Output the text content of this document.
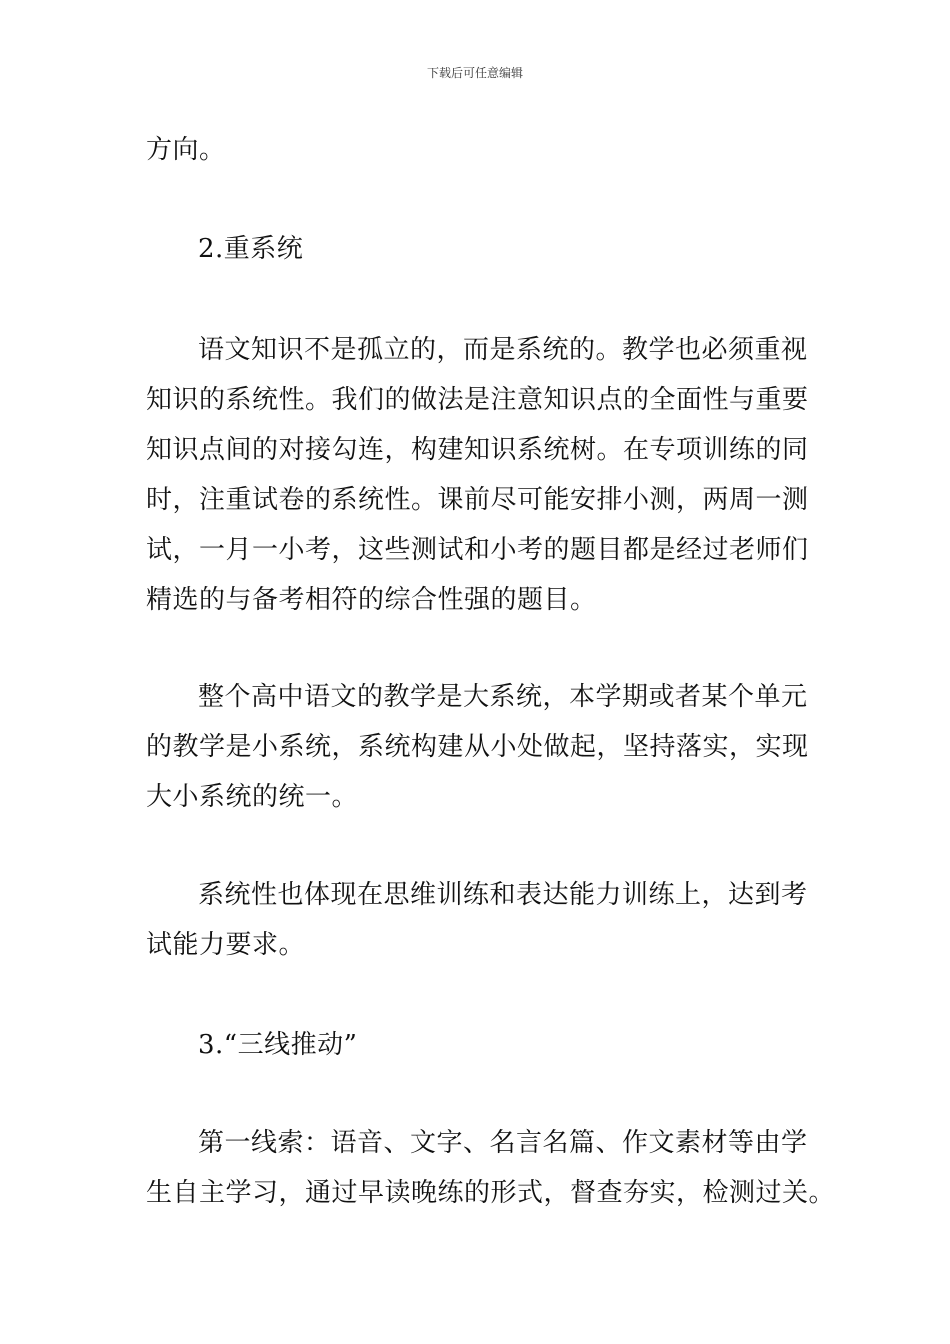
下载后可任意编辑
方向。
2.重系统
语文知识不是孤立的，而是系统的。教学也必须重视
知识的系统性。我们的做法是注意知识点的全面性与重要
知识点间的对接勾连，构建知识系统树。在专项训练的同
时，注重试卷的系统性。课前尽可能安排小测，两周一测
试，一月一小考，这些测试和小考的题目都是经过老师们
精选的与备考相符的综合性强的题目。
整个高中语文的教学是大系统，本学期或者某个单元
的教学是小系统，系统构建从小处做起，坚持落实，实现
大小系统的统一。
系统性也体现在思维训练和表达能力训练上，达到考
试能力要求。
3.“三线推动”
第一线索：语音、文字、名言名篇、作文素材等由学
生自主学习，通过早读晚练的形式，督查夯实，检测过关。
